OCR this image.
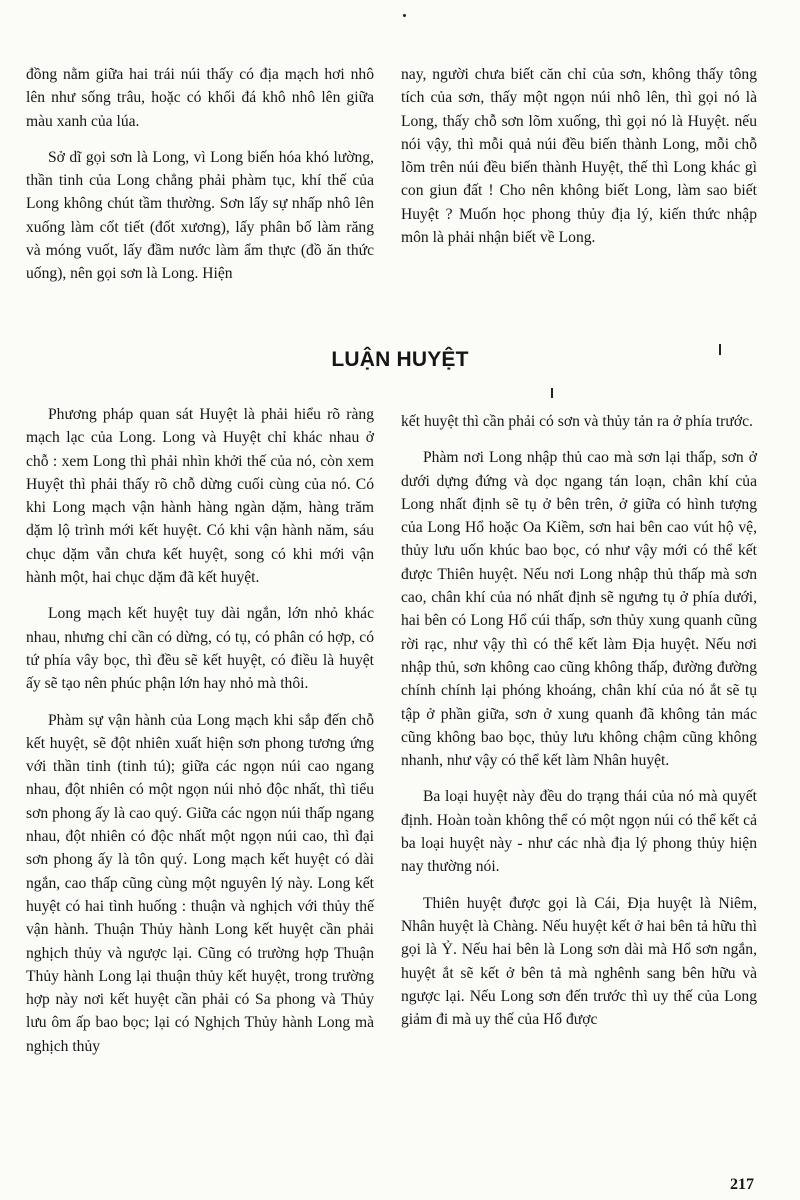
đồng nằm giữa hai trái núi thấy có địa mạch hơi nhô lên như sống trâu, hoặc có khối đá khô nhô lên giữa màu xanh của lúa.

Sở dĩ gọi sơn là Long, vì Long biến hóa khó lường, thần tinh của Long chẳng phải phàm tục, khí thế của Long không chút tầm thường. Sơn lấy sự nhấp nhô lên xuống làm cốt tiết (đốt xương), lấy phân bố làm răng và móng vuốt, lấy đầm nước làm ẩm thực (đồ ăn thức uống), nên gọi sơn là Long. Hiện

nay, người chưa biết căn chỉ của sơn, không thấy tông tích của sơn, thấy một ngọn núi nhô lên, thì gọi nó là Long, thấy chỗ sơn lõm xuống, thì gọi nó là Huyệt. nếu nói vậy, thì mỗi quả núi đều biến thành Long, mỗi chỗ lõm trên núi đều biến thành Huyệt, thế thì Long khác gì con giun đất ! Cho nên không biết Long, làm sao biết Huyệt ? Muốn học phong thủy địa lý, kiến thức nhập môn là phải nhận biết về Long.

LUẬN HUYỆT

Phương pháp quan sát Huyệt là phải hiểu rõ ràng mạch lạc của Long. Long và Huyệt chỉ khác nhau ở chỗ : xem Long thì phải nhìn khởi thế của nó, còn xem Huyệt thì phải thấy rõ chỗ dừng cuối cùng của nó. Có khi Long mạch vận hành hàng ngàn dặm, hàng trăm dặm lộ trình mới kết huyệt. Có khi vận hành năm, sáu chục dặm vẫn chưa kết huyệt, song có khi mới vận hành một, hai chục dặm đã kết huyệt.

Long mạch kết huyệt tuy dài ngắn, lớn nhỏ khác nhau, nhưng chỉ cần có dừng, có tụ, có phân có hợp, có tứ phía vây bọc, thì đều sẽ kết huyệt, có điều là huyệt ấy sẽ tạo nên phúc phận lớn hay nhỏ mà thôi.

Phàm sự vận hành của Long mạch khi sắp đến chỗ kết huyệt, sẽ đột nhiên xuất hiện sơn phong tương ứng với thần tinh (tinh tú); giữa các ngọn núi cao ngang nhau, đột nhiên có một ngọn núi nhỏ độc nhất, thì tiểu sơn phong ấy là cao quý. Giữa các ngọn núi thấp ngang nhau, đột nhiên có độc nhất một ngọn núi cao, thì đại sơn phong ấy là tôn quý. Long mạch kết huyệt có dài ngắn, cao thấp cũng cùng một nguyên lý này. Long kết huyệt có hai tình huống : thuận và nghịch với thủy thế vận hành. Thuận Thủy hành Long kết huyệt cần phải nghịch thủy và ngược lại. Cũng có trường hợp Thuận Thủy hành Long lại thuận thủy kết huyệt, trong trường hợp này nơi kết huyệt cần phải có Sa phong và Thủy lưu ôm ấp bao bọc; lại có Nghịch Thủy hành Long mà nghịch thủy

kết huyệt thì cần phải có sơn và thủy tản ra ở phía trước.

Phàm nơi Long nhập thủ cao mà sơn lại thấp, sơn ở dưới dựng đứng và dọc ngang tán loạn, chân khí của Long nhất định sẽ tụ ở bên trên, ở giữa có hình tượng của Long Hổ hoặc Oa Kiềm, sơn hai bên cao vút hộ vệ, thủy lưu uốn khúc bao bọc, có như vậy mới có thể kết được Thiên huyệt. Nếu nơi Long nhập thủ thấp mà sơn cao, chân khí của nó nhất định sẽ ngưng tụ ở phía dưới, hai bên có Long Hổ cúi thấp, sơn thủy xung quanh cũng rời rạc, như vậy thì có thể kết làm Địa huyệt. Nếu nơi nhập thủ, sơn không cao cũng không thấp, đường đường chính chính lại phóng khoáng, chân khí của nó ắt sẽ tụ tập ở phần giữa, sơn ở xung quanh đã không tản mác cũng không bao bọc, thủy lưu không chậm cũng không nhanh, như vậy có thể kết làm Nhân huyệt.

Ba loại huyệt này đều do trạng thái của nó mà quyết định. Hoàn toàn không thể có một ngọn núi có thể kết cả ba loại huyệt này - như các nhà địa lý phong thủy hiện nay thường nói.

Thiên huyệt được gọi là Cái, Địa huyệt là Niêm, Nhân huyệt là Chàng. Nếu huyệt kết ở hai bên tả hữu thì gọi là Ỷ. Nếu hai bên là Long sơn dài mà Hổ sơn ngắn, huyệt ắt sẽ kết ở bên tả mà nghênh sang bên hữu và ngược lại. Nếu Long sơn đến trước thì uy thế của Long giảm đi mà uy thế của Hổ được

217
